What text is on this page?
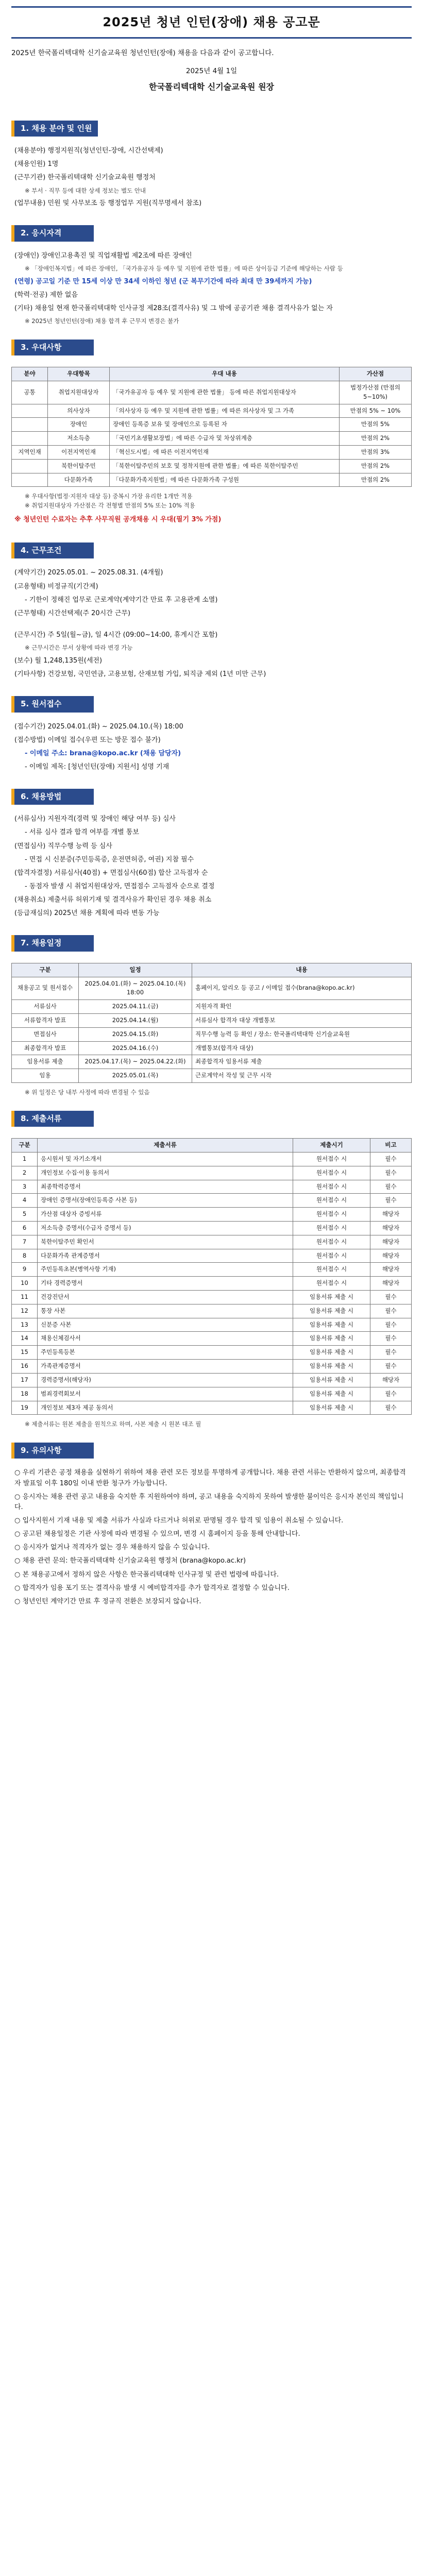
2025년 청년 인턴(장애) 채용 공고문

2025년 한국폴리텍대학 신기술교육원 청년인턴(장애) 채용을 다음과 같이 공고합니다.

2025년 4월 1일

한국폴리텍대학 신기술교육원 원장

1. 채용 분야 및 인원

(채용분야) 행정지원직(청년인턴-장애, 시간선택제)

(채용인원) 1명

(근무기관) 한국폴리텍대학 신기술교육원 행정처

※ 부서 · 직무 등에 대한 상세 정보는 별도 안내

(업무내용) 민원 및 사무보조 등 행정업무 지원(직무명세서 참조)

2. 응시자격

(장애인) 장애인고용촉진 및 직업재활법 제2조에 따른 장애인

※ 「장애인복지법」에 따른 장애인, 「국가유공자 등 예우 및 지원에 관한 법률」에 따른 상이등급 기준에 해당하는 사람 등

(연령) 공고일 기준 만 15세 이상 만 34세 이하인 청년 (군 복무기간에 따라 최대 만 39세까지 가능)

(학력·전공) 제한 없음

(기타) 채용일 현재 한국폴리텍대학 인사규정 제28조(결격사유) 및 그 밖에 공공기관 채용 결격사유가 없는 자

※ 2025년 청년인턴(장애) 채용 합격 후 근무지 변경은 불가

3. 우대사항
분야	우대항목	우대 내용	가산점
공통	취업지원대상자	「국가유공자 등 예우 및 지원에 관한 법률」 등에 따른 취업지원대상자	법정가산점 (만점의 5~10%)
	의사상자	「의사상자 등 예우 및 지원에 관한 법률」에 따른 의사상자 및 그 가족	만점의 5% ~ 10%
	장애인	장애인 등록증 보유 및 장애인으로 등록된 자	만점의 5%
	저소득층	「국민기초생활보장법」에 따른 수급자 및 차상위계층	만점의 2%
지역인재	이전지역인재	「혁신도시법」에 따른 이전지역인재	만점의 3%
	북한이탈주민	「북한이탈주민의 보호 및 정착지원에 관한 법률」에 따른 북한이탈주민	만점의 2%
	다문화가족	「다문화가족지원법」에 따른 다문화가족 구성원	만점의 2%

※ 우대사항(법정·지원자 대상 등) 중복시 가장 유리한 1개만 적용

※ 취업지원대상자 가산점은 각 전형별 만점의 5% 또는 10% 적용

※ 청년인턴 수료자는 추후 사무직원 공개채용 시 우대(필기 3% 가점)

4. 근무조건

(계약기간) 2025.05.01. ~ 2025.08.31. (4개월)

(고용형태) 비정규직(기간제)

- 기한이 정해진 업무로 근로계약(계약기간 만료 후 고용관계 소멸)

(근무형태) 시간선택제(주 20시간 근무)

(근무시간) 주 5일(월~금), 일 4시간 (09:00~14:00, 휴게시간 포함)

※ 근무시간은 부서 상황에 따라 변경 가능

(보수) 월 1,248,135원(세전)

(기타사항) 건강보험, 국민연금, 고용보험, 산재보험 가입, 퇴직금 제외 (1년 미만 근무)

5. 원서접수

(접수기간) 2025.04.01.(화) ~ 2025.04.10.(목) 18:00

(접수방법) 이메일 접수(우편 또는 방문 접수 불가)

- 이메일 주소: brana@kopo.ac.kr (채용 담당자)

- 이메일 제목: [청년인턴(장애) 지원서] 성명 기재

6. 채용방법

(서류심사) 지원자격(경력 및 장애인 해당 여부 등) 심사

- 서류 심사 결과 합격 여부를 개별 통보

(면접심사) 직무수행 능력 등 심사

- 면접 시 신분증(주민등록증, 운전면허증, 여권) 지참 필수

(합격자결정) 서류심사(40점) + 면접심사(60점) 합산 고득점자 순

- 동점자 발생 시 취업지원대상자, 면접점수 고득점자 순으로 결정

(채용취소) 제출서류 허위기재 및 결격사유가 확인된 경우 채용 취소

(등급재심의) 2025년 채용 계획에 따라 변동 가능

7. 채용일정
구분	일정	내용
채용공고 및 원서접수	2025.04.01.(화) ~ 2025.04.10.(목) 18:00	홈페이지, 알리오 등 공고 / 이메일 접수(brana@kopo.ac.kr)
서류심사	2025.04.11.(금)	지원자격 확인
서류합격자 발표	2025.04.14.(월)	서류심사 합격자 대상 개별통보
면접심사	2025.04.15.(화)	직무수행 능력 등 확인 / 장소: 한국폴리텍대학 신기술교육원
최종합격자 발표	2025.04.16.(수)	개별통보(합격자 대상)
임용서류 제출	2025.04.17.(목) ~ 2025.04.22.(화)	최종합격자 임용서류 제출
임용	2025.05.01.(목)	근로계약서 작성 및 근무 시작

※ 위 일정은 당 내부 사정에 따라 변경될 수 있음

8. 제출서류
구분	제출서류	제출시기	비고
1	응시원서 및 자기소개서	원서접수 시	필수
2	개인정보 수집·이용 동의서	원서접수 시	필수
3	최종학력증명서	원서접수 시	필수
4	장애인 증명서(장애인등록증 사본 등)	원서접수 시	필수
5	가산점 대상자 증빙서류	원서접수 시	해당자
6	저소득층 증명서(수급자 증명서 등)	원서접수 시	해당자
7	북한이탈주민 확인서	원서접수 시	해당자
8	다문화가족 관계증명서	원서접수 시	해당자
9	주민등록초본(병역사항 기재)	원서접수 시	해당자
10	기타 경력증명서	원서접수 시	해당자
11	건강진단서	임용서류 제출 시	필수
12	통장 사본	임용서류 제출 시	필수
13	신분증 사본	임용서류 제출 시	필수
14	채용신체검사서	임용서류 제출 시	필수
15	주민등록등본	임용서류 제출 시	필수
16	가족관계증명서	임용서류 제출 시	필수
17	경력증명서(해당자)	임용서류 제출 시	해당자
18	범죄경력회보서	임용서류 제출 시	필수
19	개인정보 제3자 제공 동의서	임용서류 제출 시	필수

※ 제출서류는 원본 제출을 원칙으로 하며, 사본 제출 시 원본 대조 필

9. 유의사항

○ 우리 기관은 공정 채용을 실현하기 위하여 채용 관련 모든 정보를 투명하게 공개합니다. 채용 관련 서류는 반환하지 않으며, 최종합격자 발표일 이후 180일 이내 반환 청구가 가능합니다.

○ 응시자는 채용 관련 공고 내용을 숙지한 후 지원하여야 하며, 공고 내용을 숙지하지 못하여 발생한 불이익은 응시자 본인의 책임입니다.

○ 입사지원서 기재 내용 및 제출 서류가 사실과 다르거나 허위로 판명될 경우 합격 및 임용이 취소될 수 있습니다.

○ 공고된 채용일정은 기관 사정에 따라 변경될 수 있으며, 변경 시 홈페이지 등을 통해 안내합니다.

○ 응시자가 없거나 적격자가 없는 경우 채용하지 않을 수 있습니다.

○ 채용 관련 문의: 한국폴리텍대학 신기술교육원 행정처 (brana@kopo.ac.kr)

○ 본 채용공고에서 정하지 않은 사항은 한국폴리텍대학 인사규정 및 관련 법령에 따릅니다.

○ 합격자가 임용 포기 또는 결격사유 발생 시 예비합격자를 추가 합격자로 결정할 수 있습니다.

○ 청년인턴 계약기간 만료 후 정규직 전환은 보장되지 않습니다.
